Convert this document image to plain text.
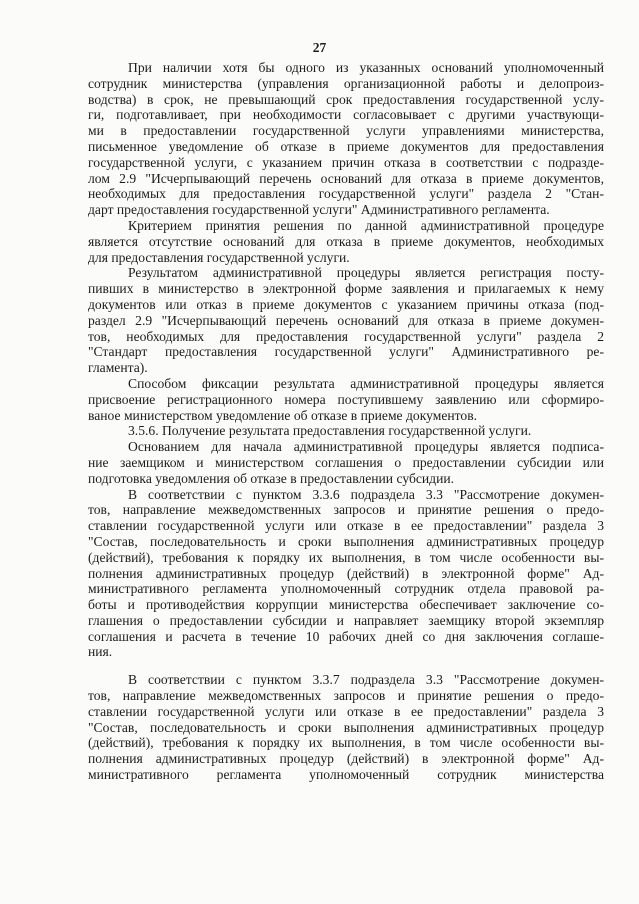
27
При наличии хотя бы одного из указанных оснований уполномоченный
сотрудник министерства (управления организационной работы и делопроиз-
водства) в срок, не превышающий срок предоставления государственной услу-
ги, подготавливает, при необходимости согласовывает с другими участвующи-
ми в предоставлении государственной услуги управлениями министерства,
письменное уведомление об отказе в приеме документов для предоставления
государственной услуги, с указанием причин отказа в соответствии с подразде-
лом 2.9 "Исчерпывающий перечень оснований для отказа в приеме документов,
необходимых для предоставления государственной услуги" раздела 2 "Стан-
дарт предоставления государственной услуги" Административного регламента.
Критерием принятия решения по данной административной процедуре
является отсутствие оснований для отказа в приеме документов, необходимых
для предоставления государственной услуги.
Результатом административной процедуры является регистрация посту-
пивших в министерство в электронной форме заявления и прилагаемых к нему
документов или отказ в приеме документов с указанием причины отказа (под-
раздел 2.9 "Исчерпывающий перечень оснований для отказа в приеме докумен-
тов, необходимых для предоставления государственной услуги" раздела 2
"Стандарт предоставления государственной услуги" Административного ре-
гламента).
Способом фиксации результата административной процедуры является
присвоение регистрационного номера поступившему заявлению или сформиро-
ваное министерством уведомление об отказе в приеме документов.
3.5.6. Получение результата предоставления государственной услуги.
Основанием для начала административной процедуры является подписа-
ние заемщиком и министерством соглашения о предоставлении субсидии или
подготовка уведомления об отказе в предоставлении субсидии.
В соответствии с пунктом 3.3.6 подраздела 3.3 "Рассмотрение докумен-
тов, направление межведомственных запросов и принятие решения о предо-
ставлении государственной услуги или отказе в ее предоставлении" раздела 3
"Состав, последовательность и сроки выполнения административных процедур
(действий), требования к порядку их выполнения, в том числе особенности вы-
полнения административных процедур (действий) в электронной форме" Ад-
министративного регламента уполномоченный сотрудник отдела правовой ра-
боты и противодействия коррупции министерства обеспечивает заключение со-
глашения о предоставлении субсидии и направляет заемщику второй экземпляр
соглашения и расчета в течение 10 рабочих дней со дня заключения соглаше-
ния.
В соответствии с пунктом 3.3.7 подраздела 3.3 "Рассмотрение докумен-
тов, направление межведомственных запросов и принятие решения о предо-
ставлении государственной услуги или отказе в ее предоставлении" раздела 3
"Состав, последовательность и сроки выполнения административных процедур
(действий), требования к порядку их выполнения, в том числе особенности вы-
полнения административных процедур (действий) в электронной форме" Ад-
министративного регламента уполномоченный сотрудник министерства
